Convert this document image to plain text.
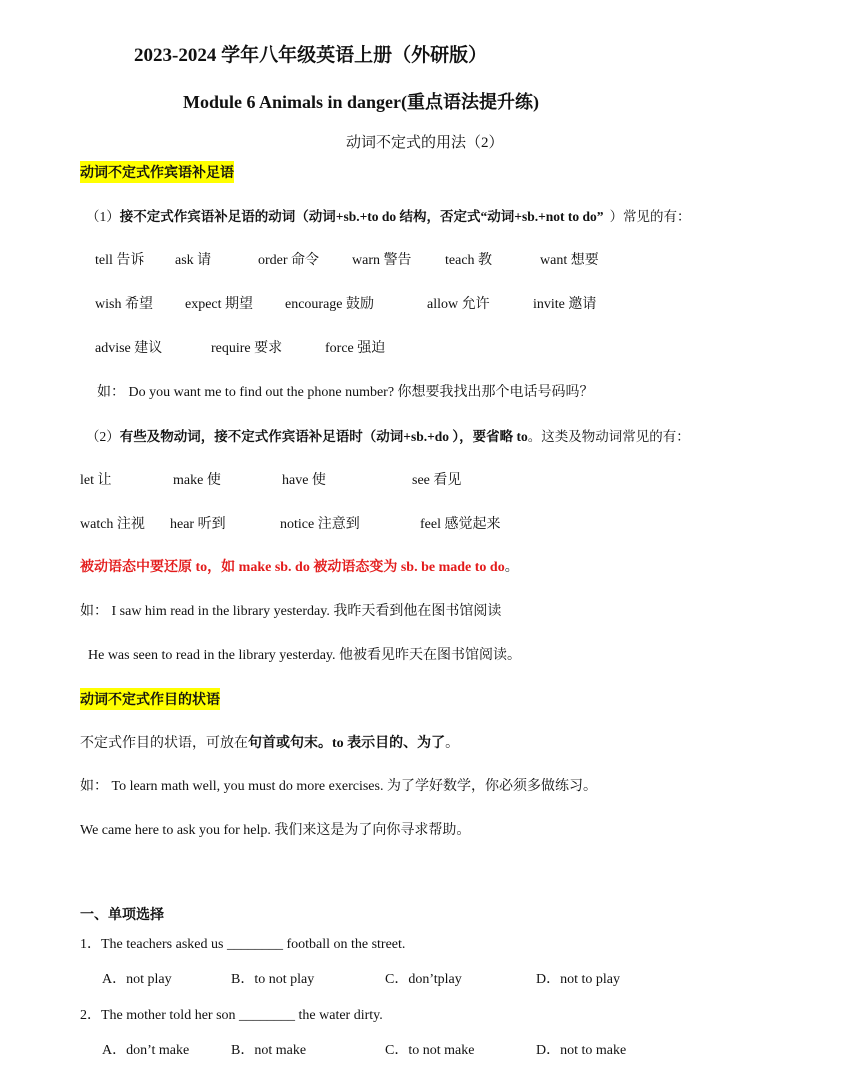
2023-2024 学年八年级英语上册（外研版）
Module 6 Animals in danger(重点语法提升练)
动词不定式的用法（2）
动词不定式作宾语补足语
（1）接不定式作宾语补足语的动词（动词+sb.+to do 结构，否定式“动词+sb.+not to do” ）常见的有：
tell 告诉 ask 请	order 命令 warn 警告 teach 教	want 想要
wish 希望 expect 期望 encourage 鼓励	allow 允许	invite 邀请
advise 建议	require 要求	force 强迫
如： Do you want me to find out the phone number? 你想要我找出那个电话号码吗？
（2）有些及物动词，接不定式作宾语补足语时（动词+sb.+do ），要省略 to。这类及物动词常见的有：
let 让	make 使	have 使	see 看见
watch 注视 hear 听到	notice 注意到	feel 感觉起来
被动语态中要还原 to，如 make sb. do 被动语态变为 sb. be made to do。
如： I saw him read in the library yesterday. 我昨天看到他在图书馆阅读
He was seen to read in the library yesterday. 他被看见昨天在图书馆阅读。
动词不定式作目的状语
不定式作目的状语，可放在句首或句末。to 表示目的、为了。
如： To learn math well, you must do more exercises. 为了学好数学，你必须多做练习。
We came here to ask you for help. 我们来这是为了向你寻求帮助。
一、单项选择
1．The teachers asked us ________ football on the street.
A．not play	B．to not play	C．don’tplay	D．not to play
2．The mother told her son ________ the water dirty.
A．don’t make	B．not make	C．to not make	D．not to make
